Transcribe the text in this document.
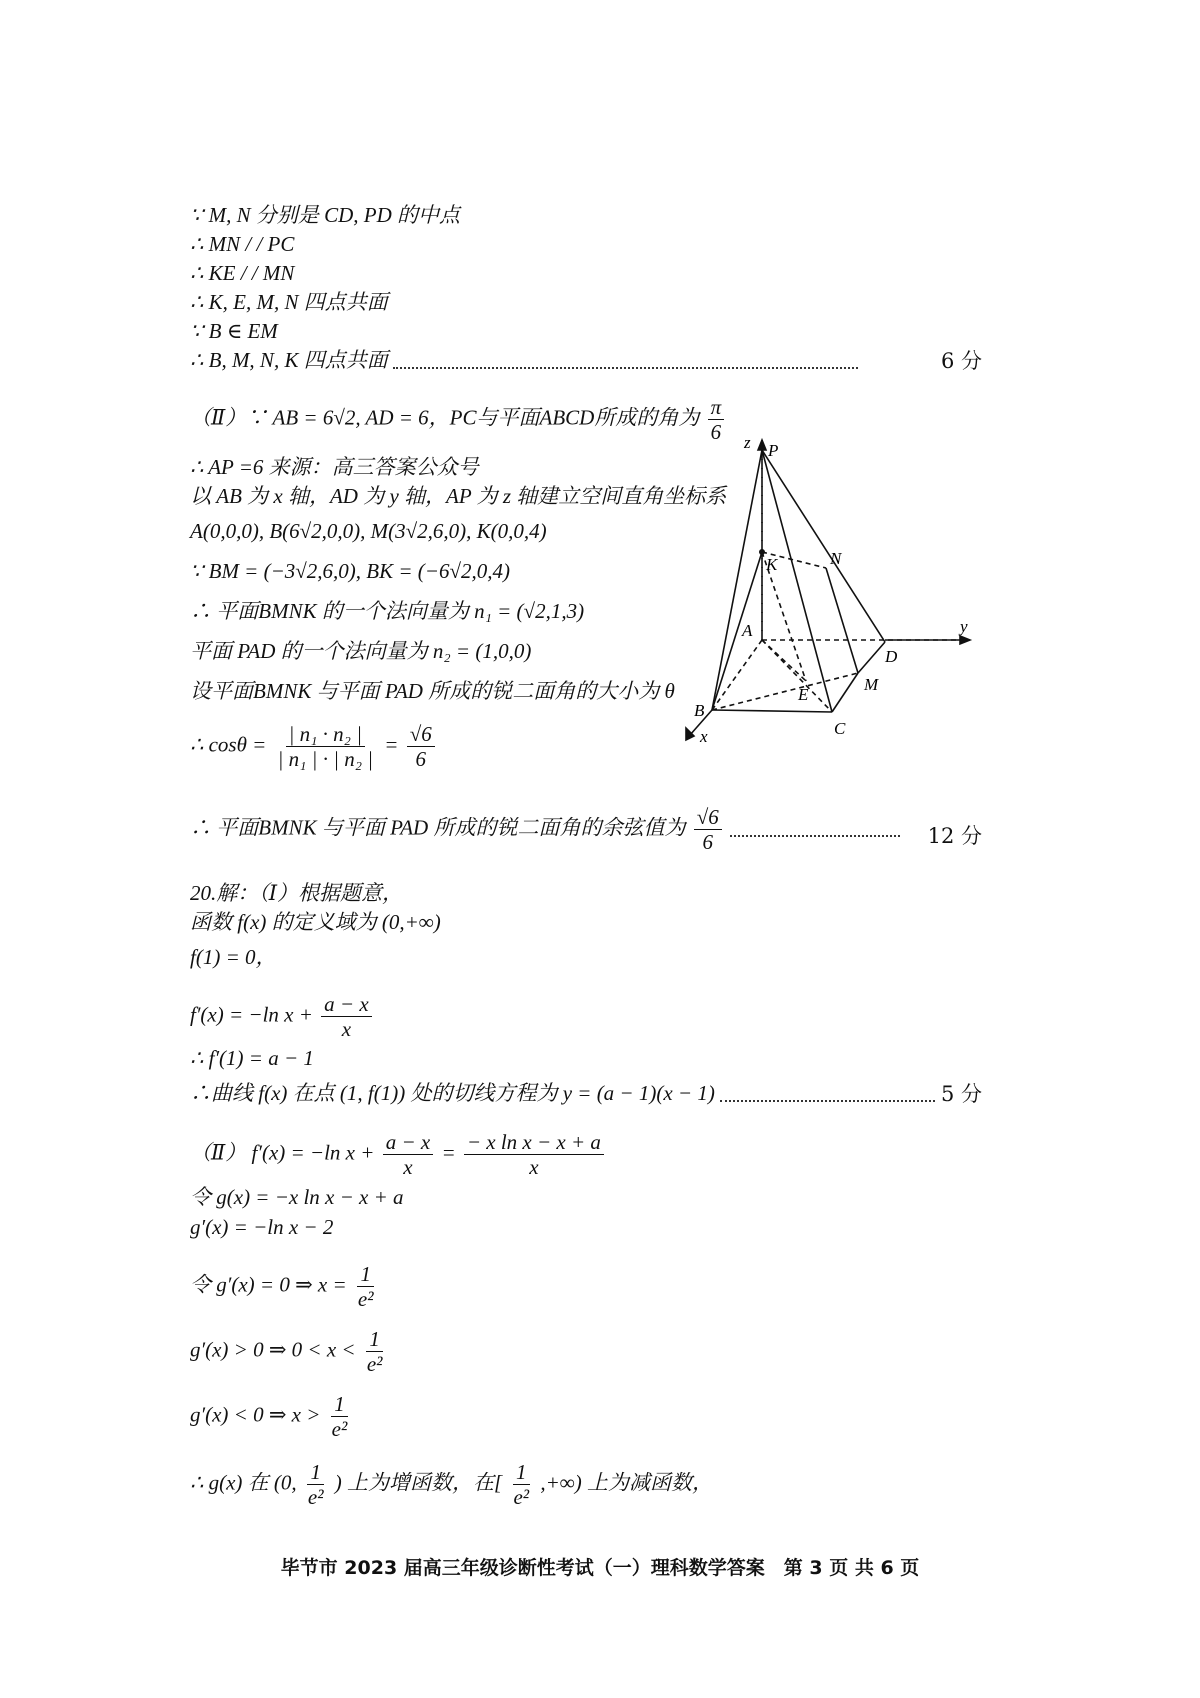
∵ M, N 分别是 CD, PD 的中点
∴ MN / / PC
∴ KE / / MN
∴ K, E, M, N 四点共面
∵ B ∈ EM
∴ B, M, N, K 四点共面	6 分
（Ⅱ）∵ AB = 6√2, AD = 6，PC与平面ABCD所成的角为 $\frac{\pi}{6}$
∴ AP =6 来源：高三答案公众号
以 AB 为 x 轴，AD 为 y 轴，AP 为 z 轴建立空间直角坐标系
A(0,0,0), B(6√2,0,0), M(3√2,6,0), K(0,0,4)
∵ BM = (−3√2,6,0), BK = (−6√2,0,4)
∴ 平面BMNK 的一个法向量为 n₁ = (√2,1,3)
平面 PAD 的一个法向量为 n₂ = (1,0,0)
设平面BMNK 与平面 PAD 所成的锐二面角的大小为 θ
∴ $\cos\theta = \frac{\text{| n₁ · n₂ |}}{\text{| n₁ | · | n₂ |}} = \frac{√6}{6}$
∴ 平面BMNK 与平面 PAD 所成的锐二面角的余弦值为 $\frac{√6}{6}$
	12 分
z P
K	N
A	y
D
M
E
B
C
x
20.解：（Ⅰ）根据题意，
函数 f(x) 的定义域为 (0,+∞)
f(1) = 0，
f′(x) = −ln $x + \frac{a - x}{x}$
∴ f′(1) = a − 1
∴曲线 f(x) 在点 (1, f(1)) 处的切线方程为 y = (a − 1)(x − 1)	5 分
（Ⅱ） f′(x) = −ln $x + \frac{a - x}{x} = \frac{\text{− x ln x − x + a}}{x}$
令 g(x) = −x ln x − x + a
g′(x) = −ln x − 2
令 g′(x) = 0 ⇒ $x = \frac{1}{\text{e²}}$
g′(x) > 0 ⇒ $0 < x < \frac{1}{\text{e²}}$
g′(x) < 0 ⇒ $x > \frac{1}{\text{e²}}$
∴ g(x) 在 (0, $\frac{1}{\text{e²}}$ ) 上为增函数，在[ $\frac{1}{\text{e²}}$ ,+∞) 上为减函数，
毕节市 2023 届高三年级诊断性考试（一）理科数学答案　第 3 页 共 6 页
